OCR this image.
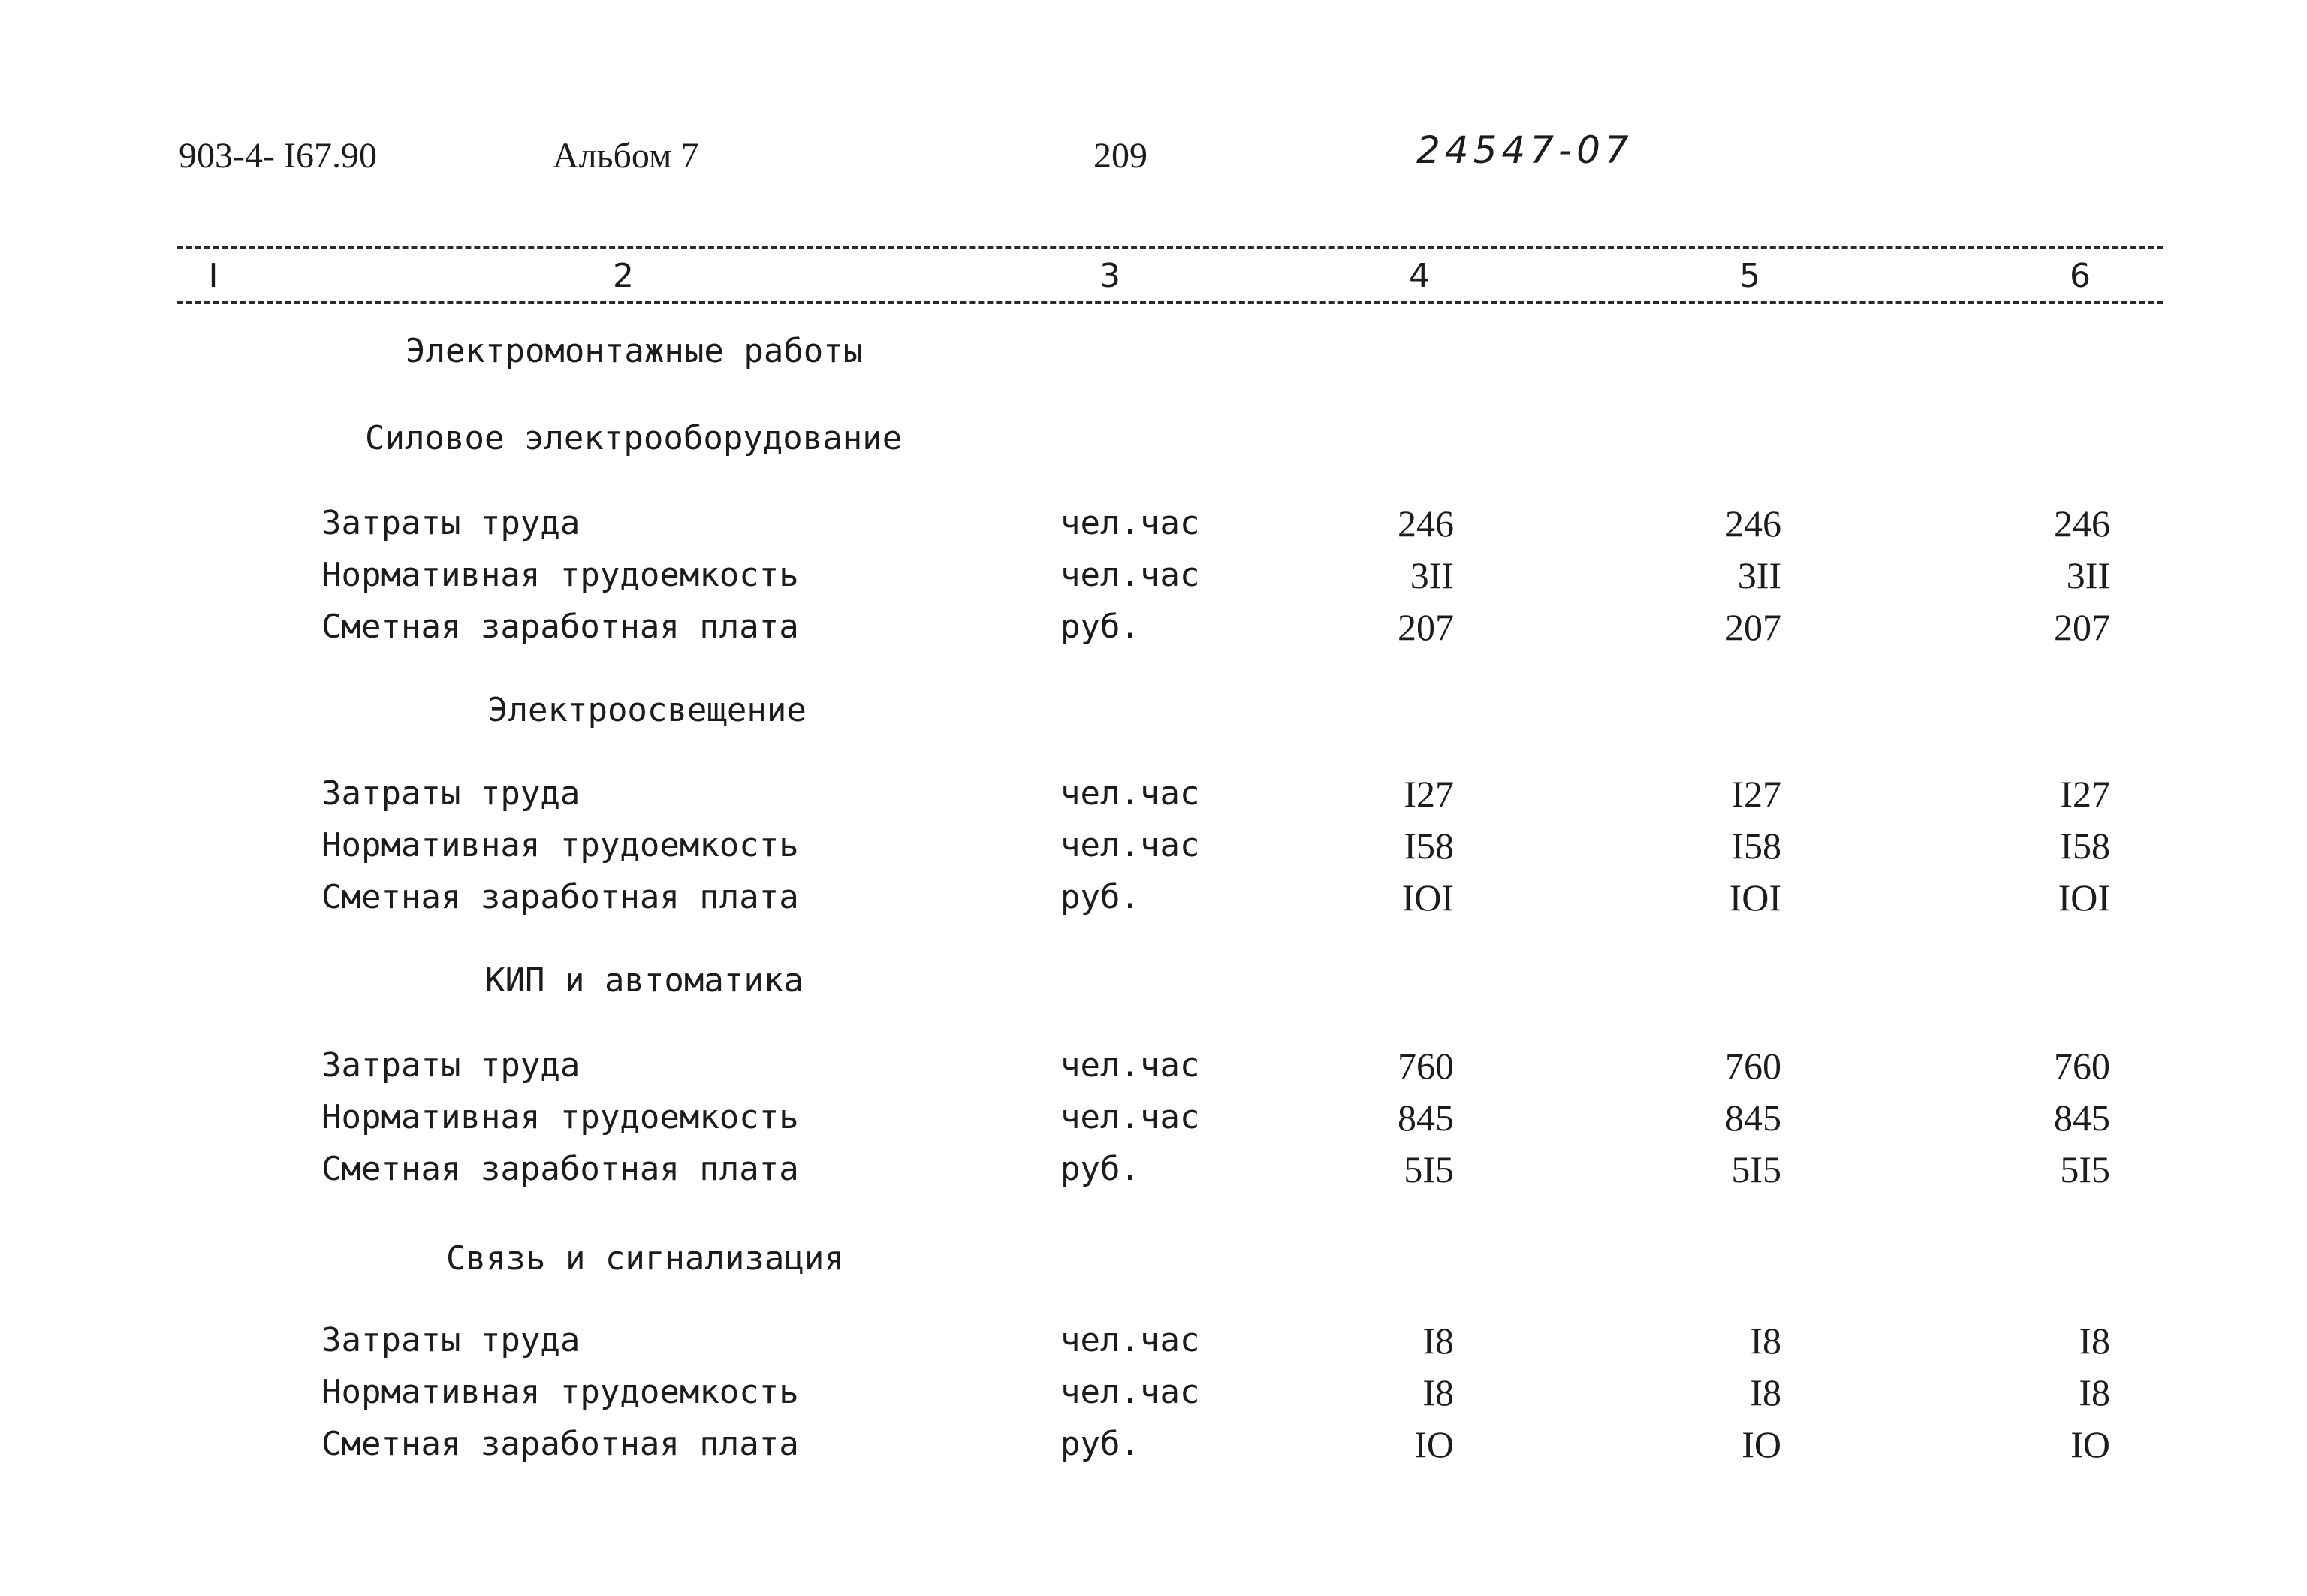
903-4- I67.90	Альбом 7	209	24547-07
I	2	3	4	5	6
Электромонтажные работы
Силовое электрооборудование
Затраты труда	чел.час	246	246	246
Нормативная трудоемкость	чел.час	3II	3II	3II
Сметная заработная плата	руб.	207	207	207
Электроосвещение
Затраты труда	чел.час	I27	I27	I27
Нормативная трудоемкость	чел.час	I58	I58	I58
Сметная заработная плата	руб.	IOI	IOI	IOI
КИП и автоматика
Затраты труда	чел.час	760	760	760
Нормативная трудоемкость	чел.час	845	845	845
Сметная заработная плата	руб.	5I5	5I5	5I5
Связь и сигнализация
Затраты труда	чел.час	I8	I8	I8
Нормативная трудоемкость	чел.час	I8	I8	I8
Сметная заработная плата	руб.	IO	IO	IO
